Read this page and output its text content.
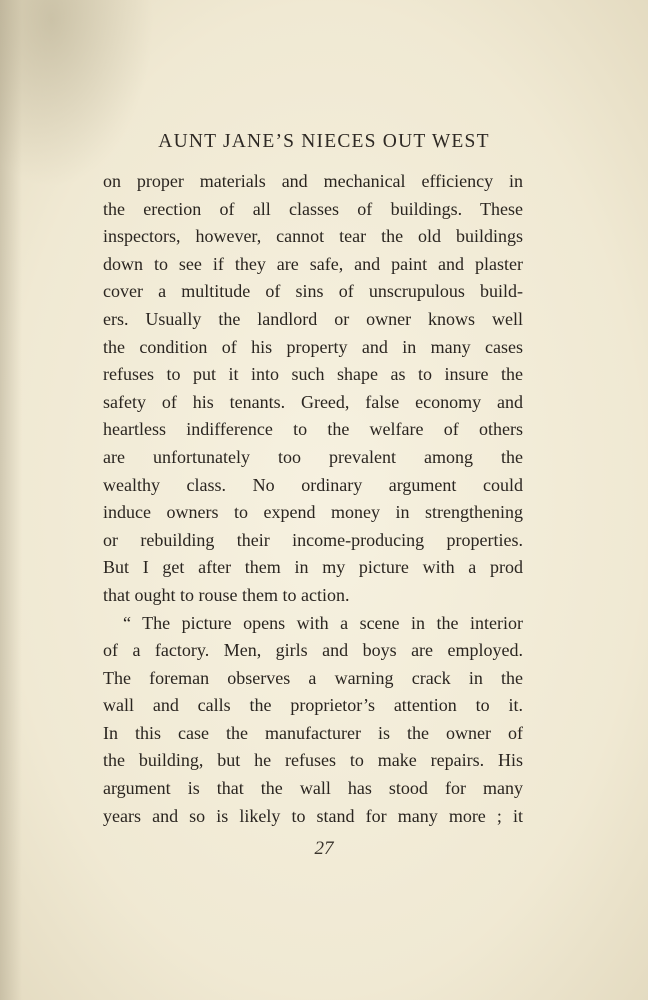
AUNT JANE’S NIECES OUT WEST
on proper materials and mechanical efficiency in
the erection of all classes of buildings. These
inspectors, however, cannot tear the old buildings
down to see if they are safe, and paint and plaster
cover a multitude of sins of unscrupulous build-
ers. Usually the landlord or owner knows well
the condition of his property and in many cases
refuses to put it into such shape as to insure the
safety of his tenants. Greed, false economy and
heartless indifference to the welfare of others
are unfortunately too prevalent among the
wealthy class. No ordinary argument could
induce owners to expend money in strengthening
or rebuilding their income-producing properties.
But I get after them in my picture with a prod
that ought to rouse them to action.
“ The picture opens with a scene in the interior
of a factory. Men, girls and boys are employed.
The foreman observes a warning crack in the
wall and calls the proprietor’s attention to it.
In this case the manufacturer is the owner of
the building, but he refuses to make repairs. His
argument is that the wall has stood for many
years and so is likely to stand for many more ; it
27
